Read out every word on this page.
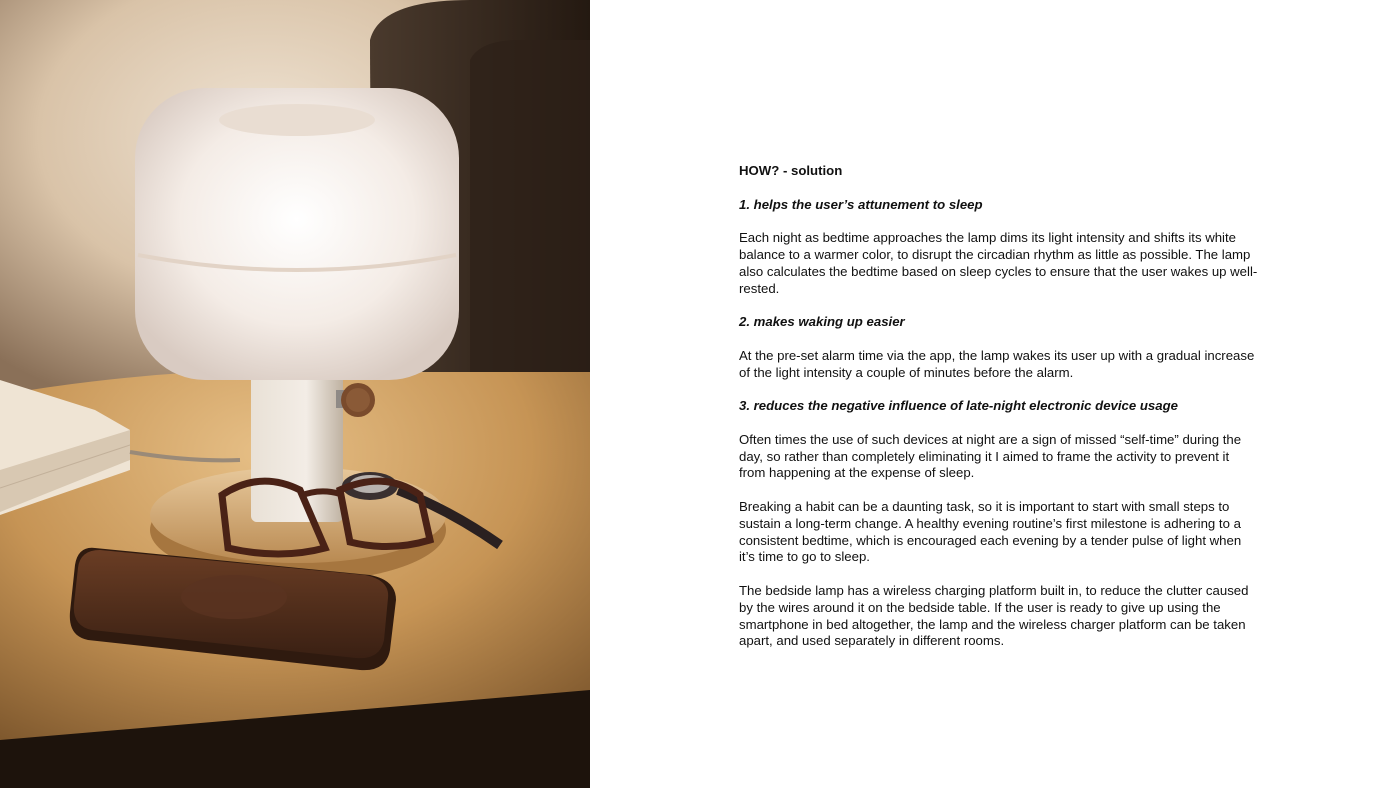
HOW? - solution

1. helps the user’s attunement to sleep

Each night as bedtime approaches the lamp dims its light intensity and shifts its white balance to a warmer color, to disrupt the circadian rhythm as little as possible. The lamp also calculates the bedtime based on sleep cycles to ensure that the user wakes up well-rested.

2. makes waking up easier

At the pre-set alarm time via the app, the lamp wakes its user up with a gradual increase of the light intensity a couple of minutes before the alarm.

3. reduces the negative influence of late-night electronic device usage

Often times the use of such devices at night are a sign of missed “self-time” during the day, so rather than completely eliminating it I aimed to frame the activity to prevent it from happening at the expense of sleep.

Breaking a habit can be a daunting task, so it is important to start with small steps to sustain a long-term change. A healthy evening routine’s first milestone is adhering to a consistent bedtime, which is encouraged each evening by a tender pulse of light when it’s time to go to sleep.

The bedside lamp has a wireless charging platform built in, to reduce the clutter caused by the wires around it on the bedside table. If the user is ready to give up using the smartphone in bed altogether, the lamp and the wireless charger platform can be taken apart, and used separately in different rooms.
